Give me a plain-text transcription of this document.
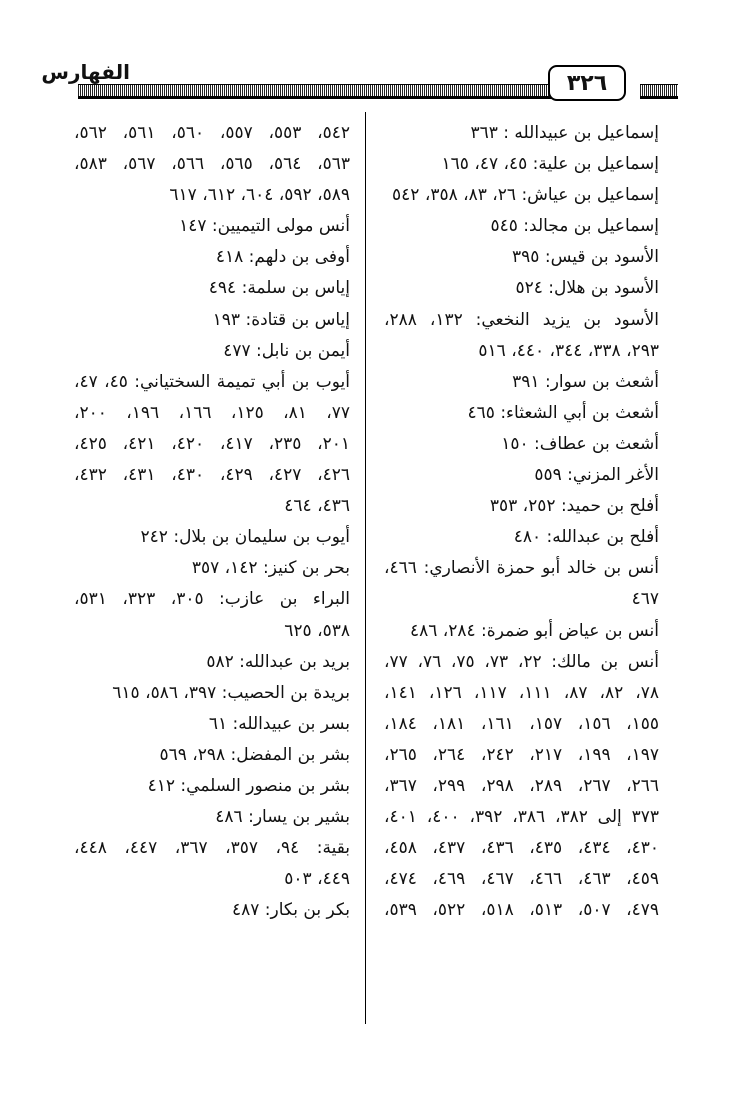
٣٢٦
الفهارس
إسماعيل بن عبيدالله : ٣٦٣
إسماعيل بن علية: ٤٥، ٤٧، ١٦٥
إسماعيل بن عياش: ٢٦، ٨٣، ٣٥٨، ٥٤٢
إسماعيل بن مجالد: ٥٤٥
الأسود بن قيس: ٣٩٥
الأسود بن هلال: ٥٢٤
الأسود بن يزيد النخعي: ١٣٢، ٢٨٨،
٢٩٣، ٣٣٨، ٣٤٤، ٤٤٠، ٥١٦
أشعث بن سوار: ٣٩١
أشعث بن أبي الشعثاء: ٤٦٥
أشعث بن عطاف: ١٥٠
الأغر المزني: ٥٥٩
أفلح بن حميد: ٢٥٢، ٣٥٣
أفلح بن عبدالله: ٤٨٠
أنس بن خالد أبو حمزة الأنصاري: ٤٦٦،
٤٦٧
أنس بن عياض أبو ضمرة: ٢٨٤، ٤٨٦
أنس بن مالك: ٢٢، ٧٣، ٧٥، ٧٦، ٧٧،
٧٨، ٨٢، ٨٧، ١١١، ١١٧، ١٢٦، ١٤١،
١٥٥، ١٥٦، ١٥٧، ١٦١، ١٨١، ١٨٤،
١٩٧، ١٩٩، ٢١٧، ٢٤٢، ٢٦٤، ٢٦٥،
٢٦٦، ٢٦٧، ٢٨٩، ٢٩٨، ٢٩٩، ٣٦٧،
٣٧٣ إلى ٣٨٢، ٣٨٦، ٣٩٢، ٤٠٠، ٤٠١،
٤٣٠، ٤٣٤، ٤٣٥، ٤٣٦، ٤٣٧، ٤٥٨،
٤٥٩، ٤٦٣، ٤٦٦، ٤٦٧، ٤٦٩، ٤٧٤،
٤٧٩، ٥٠٧، ٥١٣، ٥١٨، ٥٢٢، ٥٣٩،
٥٤٢، ٥٥٣، ٥٥٧، ٥٦٠، ٥٦١، ٥٦٢،
٥٦٣، ٥٦٤، ٥٦٥، ٥٦٦، ٥٦٧، ٥٨٣،
٥٨٩، ٥٩٢، ٦٠٤، ٦١٢، ٦١٧
أنس مولى التيميين: ١٤٧
أوفى بن دلهم: ٤١٨
إياس بن سلمة: ٤٩٤
إياس بن قتادة: ١٩٣
أيمن بن نابل: ٤٧٧
أيوب بن أبي تميمة السختياني: ٤٥، ٤٧،
٧٧، ٨١، ١٢٥، ١٦٦، ١٩٦، ٢٠٠،
٢٠١، ٢٣٥، ٤١٧، ٤٢٠، ٤٢١، ٤٢٥،
٤٢٦، ٤٢٧، ٤٢٩، ٤٣٠، ٤٣١، ٤٣٢،
٤٣٦، ٤٦٤
أيوب بن سليمان بن بلال: ٢٤٢
بحر بن كنيز: ١٤٢، ٣٥٧
البراء بن عازب: ٣٠٥، ٣٢٣، ٥٣١،
٥٣٨، ٦٢٥
بريد بن عبدالله: ٥٨٢
بريدة بن الحصيب: ٣٩٧، ٥٨٦، ٦١٥
بسر بن عبيدالله: ٦١
بشر بن المفضل: ٢٩٨، ٥٦٩
بشر بن منصور السلمي: ٤١٢
بشير بن يسار: ٤٨٦
بقية: ٩٤، ٣٥٧، ٣٦٧، ٤٤٧، ٤٤٨،
٤٤٩، ٥٠٣
بكر بن بكار: ٤٨٧
